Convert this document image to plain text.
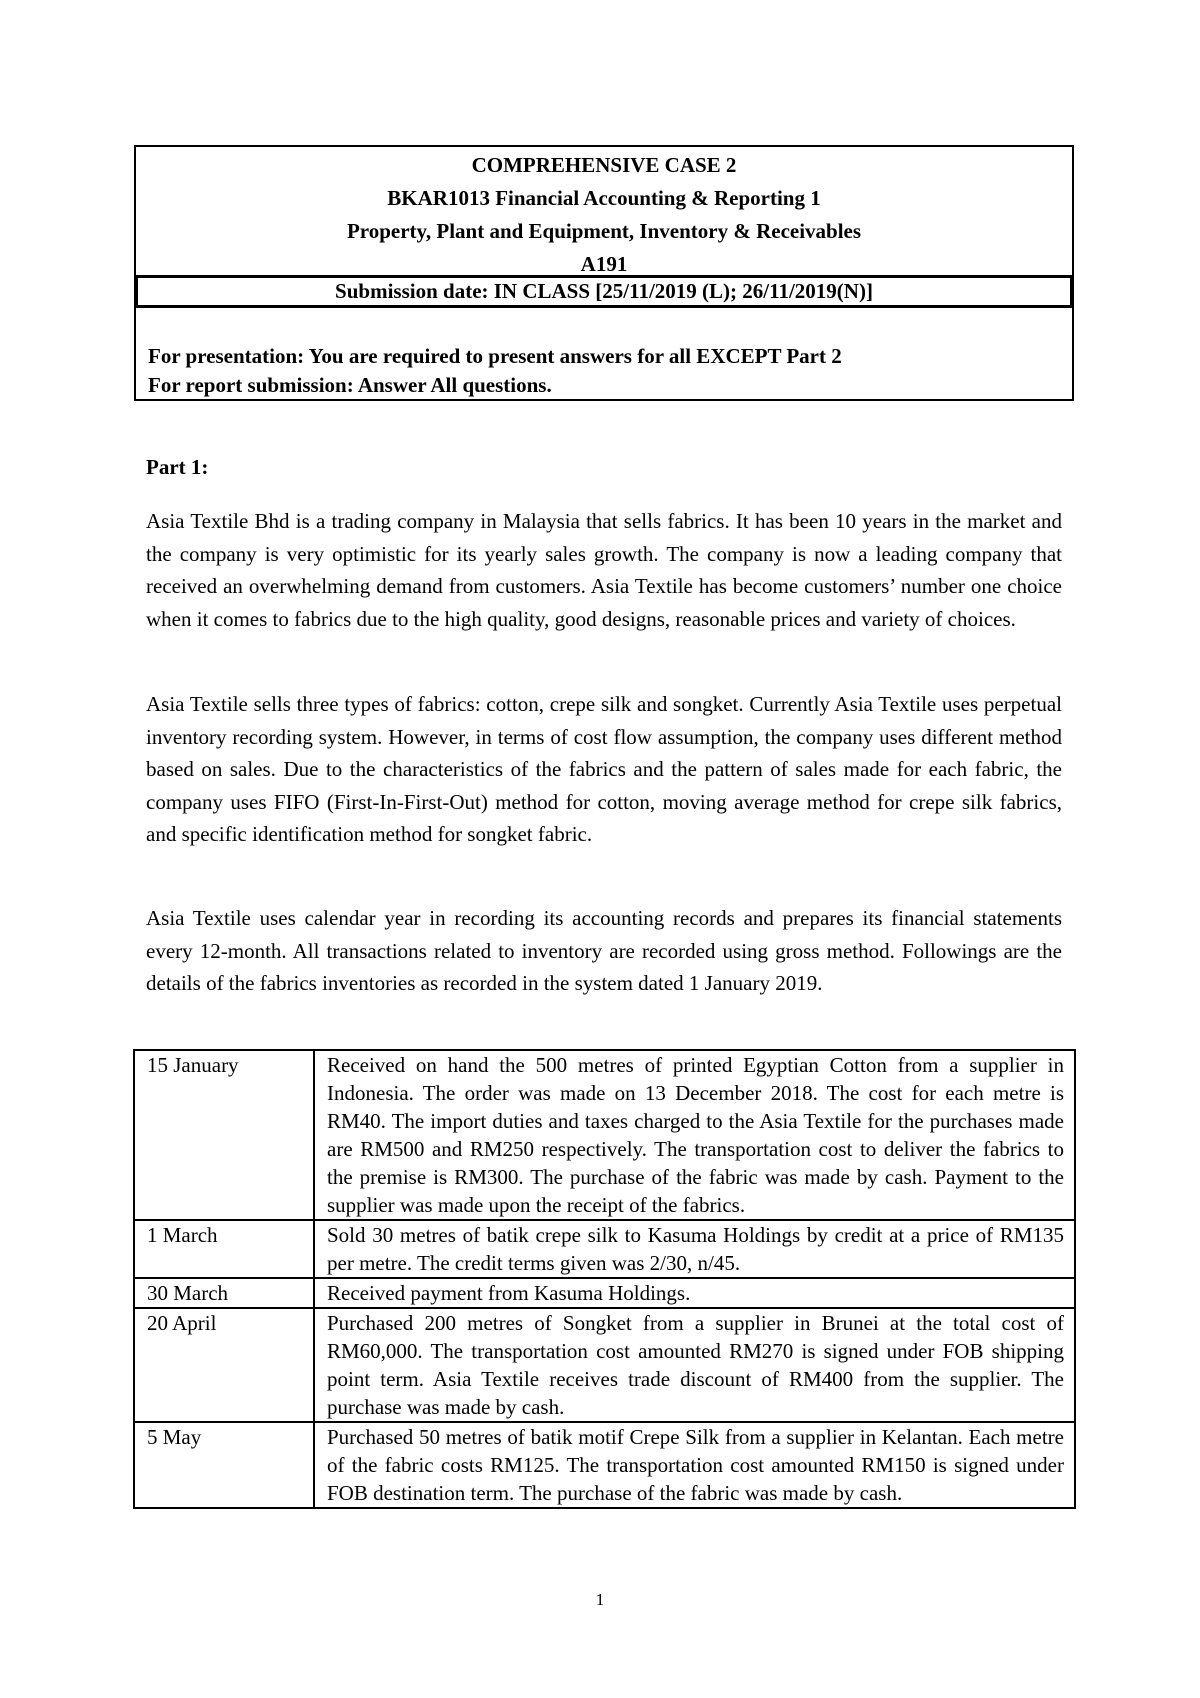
COMPREHENSIVE CASE 2
BKAR1013 Financial Accounting & Reporting 1
Property, Plant and Equipment, Inventory & Receivables
A191
Submission date: IN CLASS [25/11/2019 (L); 26/11/2019(N)]
For presentation: You are required to present answers for all EXCEPT Part 2
For report submission: Answer All questions.
Part 1:
Asia Textile Bhd is a trading company in Malaysia that sells fabrics. It has been 10 years in the market and the company is very optimistic for its yearly sales growth. The company is now a leading company that received an overwhelming demand from customers. Asia Textile has become customers’ number one choice when it comes to fabrics due to the high quality, good designs, reasonable prices and variety of choices.
Asia Textile sells three types of fabrics: cotton, crepe silk and songket. Currently Asia Textile uses perpetual inventory recording system. However, in terms of cost flow assumption, the company uses different method based on sales. Due to the characteristics of the fabrics and the pattern of sales made for each fabric, the company uses FIFO (First-In-First-Out) method for cotton, moving average method for crepe silk fabrics, and specific identification method for songket fabric.
Asia Textile uses calendar year in recording its accounting records and prepares its financial statements every 12-month. All transactions related to inventory are recorded using gross method. Followings are the details of the fabrics inventories as recorded in the system dated 1 January 2019.
15 January	Received on hand the 500 metres of printed Egyptian Cotton from a supplier in Indonesia. The order was made on 13 December 2018. The cost for each metre is RM40. The import duties and taxes charged to the Asia Textile for the purchases made are RM500 and RM250 respectively. The transportation cost to deliver the fabrics to the premise is RM300. The purchase of the fabric was made by cash. Payment to the supplier was made upon the receipt of the fabrics.
1 March	Sold 30 metres of batik crepe silk to Kasuma Holdings by credit at a price of RM135 per metre. The credit terms given was 2/30, n/45.
30 March	Received payment from Kasuma Holdings.
20 April	Purchased 200 metres of Songket from a supplier in Brunei at the total cost of RM60,000. The transportation cost amounted RM270 is signed under FOB shipping point term. Asia Textile receives trade discount of RM400 from the supplier. The purchase was made by cash.
5 May	Purchased 50 metres of batik motif Crepe Silk from a supplier in Kelantan. Each metre of the fabric costs RM125. The transportation cost amounted RM150 is signed under FOB destination term. The purchase of the fabric was made by cash.
1
